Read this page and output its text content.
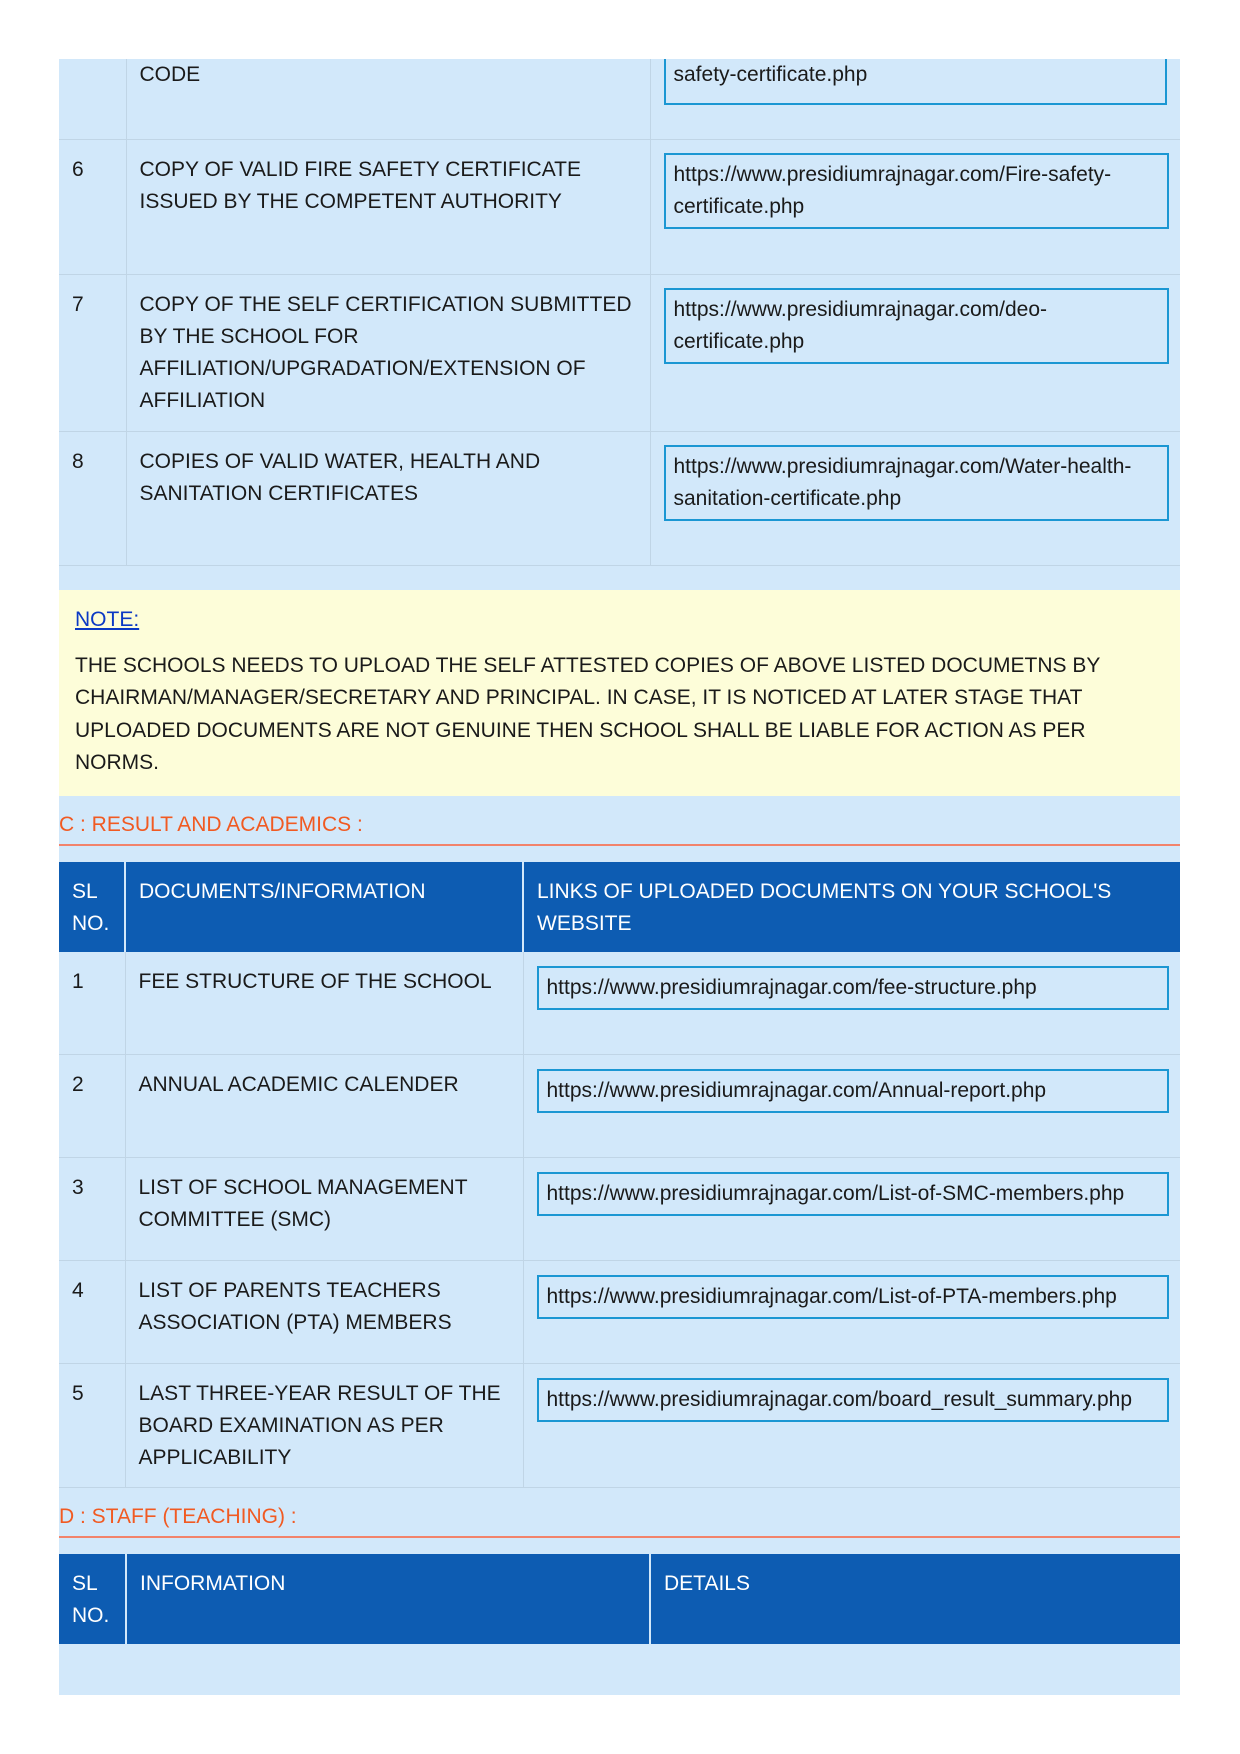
	CODE	safety-certificate.php

6	COPY OF VALID FIRE SAFETY CERTIFICATE ISSUED BY THE COMPETENT AUTHORITY	https://www.presidiumrajnagar.com/Fire-safety-certificate.php

7	COPY OF THE SELF CERTIFICATION SUBMITTED BY THE SCHOOL FOR AFFILIATION/UPGRADATION/EXTENSION OF AFFILIATION	https://www.presidiumrajnagar.com/deo-certificate.php

8	COPIES OF VALID WATER, HEALTH AND SANITATION CERTIFICATES	https://www.presidiumrajnagar.com/Water-health-sanitation-certificate.php
NOTE:
THE SCHOOLS NEEDS TO UPLOAD THE SELF ATTESTED COPIES OF ABOVE LISTED DOCUMETNS BY CHAIRMAN/MANAGER/SECRETARY AND PRINCIPAL. IN CASE, IT IS NOTICED AT LATER STAGE THAT UPLOADED DOCUMENTS ARE NOT GENUINE THEN SCHOOL SHALL BE LIABLE FOR ACTION AS PER NORMS.
C : RESULT AND ACADEMICS :
SL NO.	DOCUMENTS/INFORMATION	LINKS OF UPLOADED DOCUMENTS ON YOUR SCHOOL'S WEBSITE
1	FEE STRUCTURE OF THE SCHOOL	https://www.presidiumrajnagar.com/fee-structure.php

2	ANNUAL ACADEMIC CALENDER	https://www.presidiumrajnagar.com/Annual-report.php

3	LIST OF SCHOOL MANAGEMENT COMMITTEE (SMC)	https://www.presidiumrajnagar.com/List-of-SMC-members.php

4	LIST OF PARENTS TEACHERS ASSOCIATION (PTA) MEMBERS	https://www.presidiumrajnagar.com/List-of-PTA-members.php

5	LAST THREE-YEAR RESULT OF THE BOARD EXAMINATION AS PER APPLICABILITY	https://www.presidiumrajnagar.com/board_result_summary.php
D : STAFF (TEACHING) :
SL NO.	INFORMATION	DETAILS
